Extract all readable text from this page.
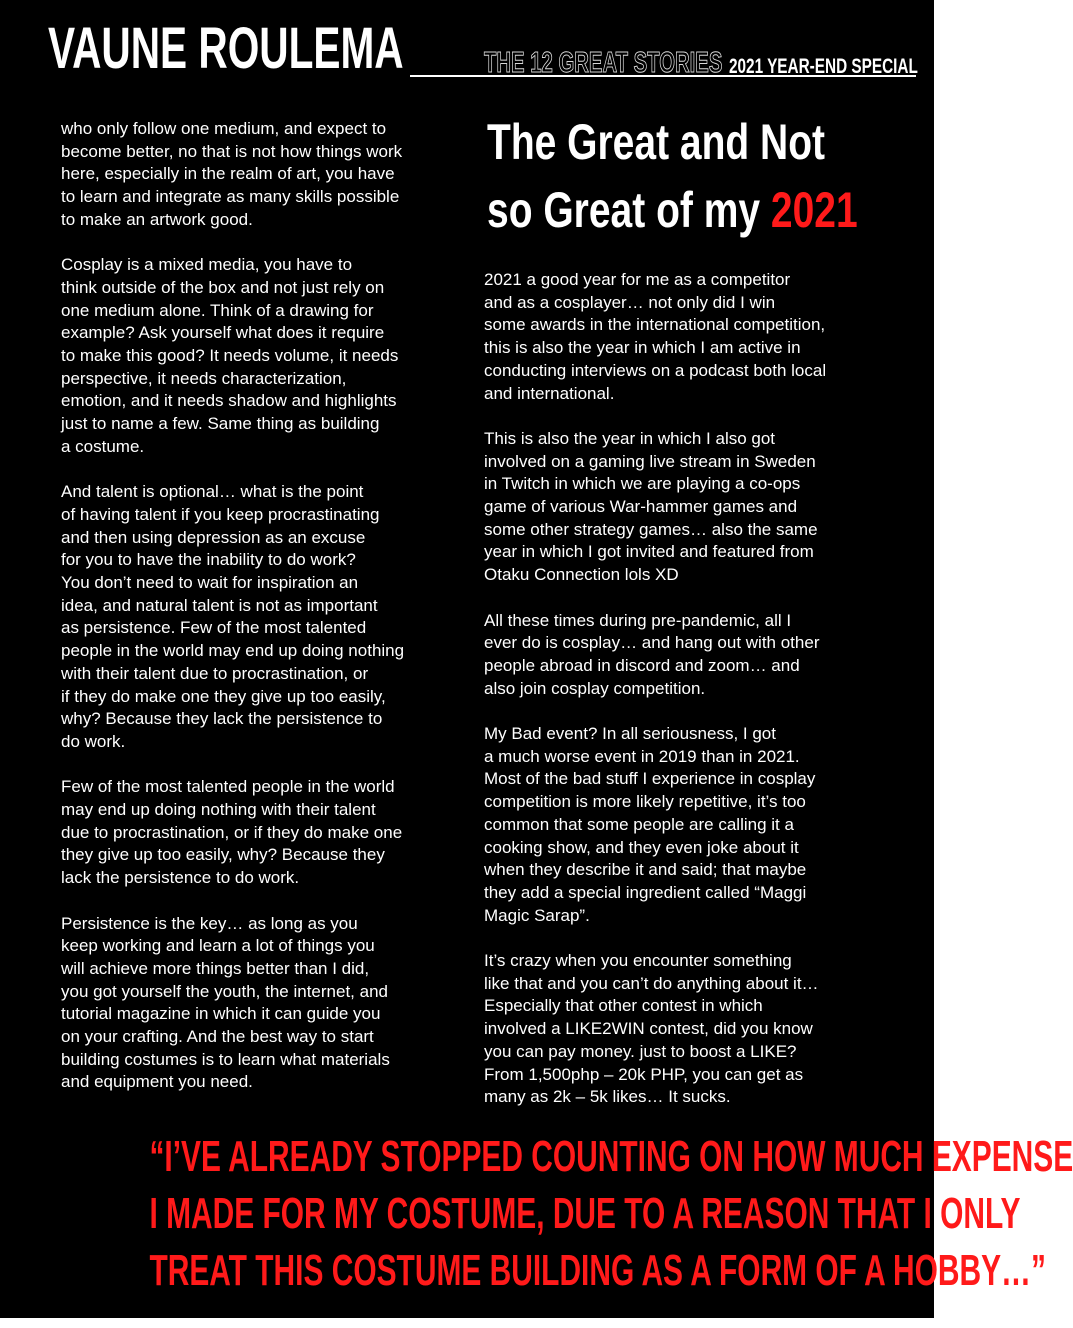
VAUNE ROULEMA	THE 12 GREAT STORIES 2021 YEAR-END SPECIAL
The Great and Not
so Great of my 2021

who only follow one medium, and expect to
become better, no that is not how things work
here, especially in the realm of art, you have
to learn and integrate as many skills possible
to make an artwork good.

Cosplay is a mixed media, you have to
think outside of the box and not just rely on
one medium alone. Think of a drawing for
example? Ask yourself what does it require
to make this good? It needs volume, it needs
perspective, it needs characterization,
emotion, and it needs shadow and highlights
just to name a few. Same thing as building
a costume.

And talent is optional… what is the point
of having talent if you keep procrastinating
and then using depression as an excuse
for you to have the inability to do work?
You don’t need to wait for inspiration an
idea, and natural talent is not as important
as persistence. Few of the most talented
people in the world may end up doing nothing
with their talent due to procrastination, or
if they do make one they give up too easily,
why? Because they lack the persistence to
do work.

Few of the most talented people in the world
may end up doing nothing with their talent
due to procrastination, or if they do make one
they give up too easily, why? Because they
lack the persistence to do work.

Persistence is the key… as long as you
keep working and learn a lot of things you
will achieve more things better than I did,
you got yourself the youth, the internet, and
tutorial magazine in which it can guide you
on your crafting. And the best way to start
building costumes is to learn what materials
and equipment you need.

2021 a good year for me as a competitor
and as a cosplayer… not only did I win
some awards in the international competition,
this is also the year in which I am active in
conducting interviews on a podcast both local
and international.

This is also the year in which I also got
involved on a gaming live stream in Sweden
in Twitch in which we are playing a co-ops
game of various War-hammer games and
some other strategy games… also the same
year in which I got invited and featured from
Otaku Connection lols XD

All these times during pre-pandemic, all I
ever do is cosplay… and hang out with other
people abroad in discord and zoom… and
also join cosplay competition.

My Bad event? In all seriousness, I got
a much worse event in 2019 than in 2021.
Most of the bad stuff I experience in cosplay
competition is more likely repetitive, it’s too
common that some people are calling it a
cooking show, and they even joke about it
when they describe it and said; that maybe
they add a special ingredient called “Maggi
Magic Sarap”.

It’s crazy when you encounter something
like that and you can’t do anything about it…
Especially that other contest in which
involved a LIKE2WIN contest, did you know
you can pay money. just to boost a LIKE?
From 1,500php – 20k PHP, you can get as
many as 2k – 5k likes… It sucks.

“I’VE ALREADY STOPPED COUNTING ON HOW MUCH EXPENSE
I MADE FOR MY COSTUME, DUE TO A REASON THAT I ONLY
TREAT THIS COSTUME BUILDING AS A FORM OF A HOBBY…”
